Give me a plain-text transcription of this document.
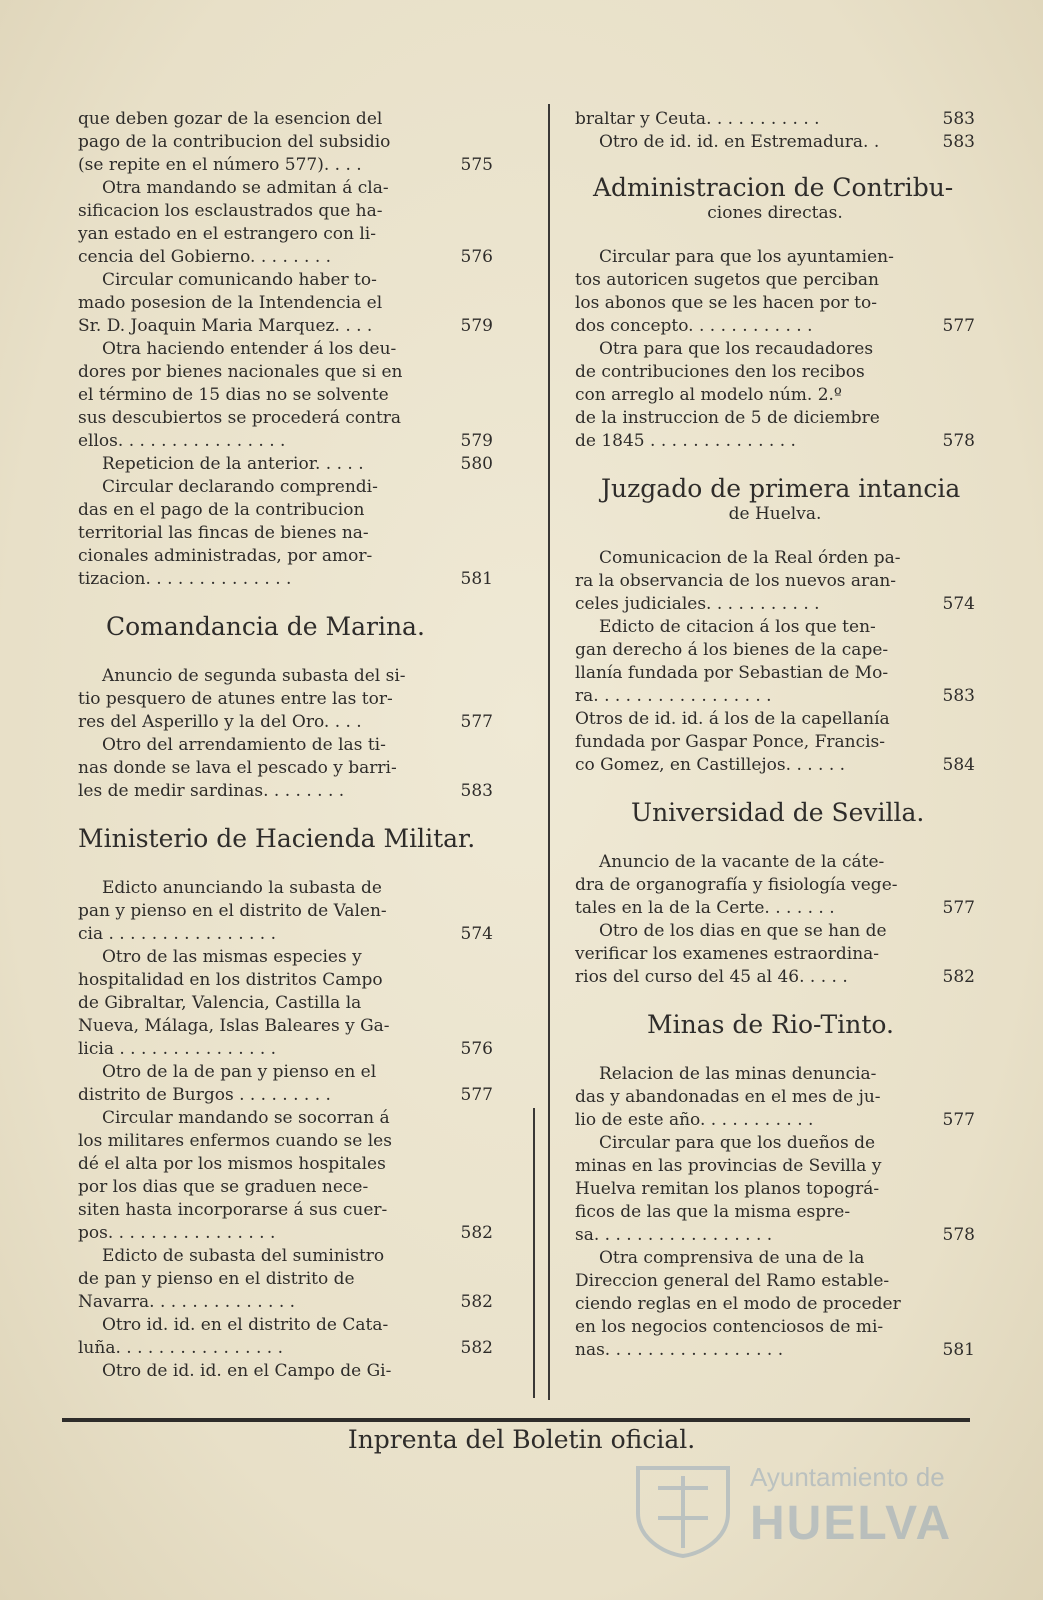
que deben gozar de la esencion del
pago de la contribucion del subsidio
(se repite en el número 577). . . .	575
Otra mandando se admitan á cla-
sificacion los esclaustrados que ha-
yan estado en el estrangero con li-
cencia del Gobierno. . . . . . . .	576
Circular comunicando haber to-
mado posesion de la Intendencia el
Sr. D. Joaquin Maria Marquez. . . .	579
Otra haciendo entender á los deu-
dores por bienes nacionales que si en
el término de 15 dias no se solvente
sus descubiertos se procederá contra
ellos. . . . . . . . . . . . . . . .	579
Repeticion de la anterior. . . . .	580
Circular declarando comprendi-
das en el pago de la contribucion
territorial las fincas de bienes na-
cionales administradas, por amor-
tizacion. . . . . . . . . . . . . .	581
Comandancia de Marina.
Anuncio de segunda subasta del si-
tio pesquero de atunes entre las tor-
res del Asperillo y la del Oro. . . .	577
Otro del arrendamiento de las ti-
nas donde se lava el pescado y barri-
les de medir sardinas. . . . . . . .	583
Ministerio de Hacienda Militar.
Edicto anunciando la subasta de
pan y pienso en el distrito de Valen-
cia . . . . . . . . . . . . . . . .	574
Otro de las mismas especies y
hospitalidad en los distritos Campo
de Gibraltar, Valencia, Castilla la
Nueva, Málaga, Islas Baleares y Ga-
licia . . . . . . . . . . . . . . .	576
Otro de la de pan y pienso en el
distrito de Burgos . . . . . . . . .	577
Circular mandando se socorran á
los militares enfermos cuando se les
dé el alta por los mismos hospitales
por los dias que se graduen nece-
siten hasta incorporarse á sus cuer-
pos. . . . . . . . . . . . . . . .	582
Edicto de subasta del suministro
de pan y pienso en el distrito de
Navarra. . . . . . . . . . . . . .	582
Otro id. id. en el distrito de Cata-
luña. . . . . . . . . . . . . . . .	582
Otro de id. id. en el Campo de Gi-
braltar y Ceuta. . . . . . . . . . .	583
Otro de id. id. en Estremadura. .	583
Administracion de Contribu-
ciones directas.
Circular para que los ayuntamien-
tos autoricen sugetos que perciban
los abonos que se les hacen por to-
dos concepto. . . . . . . . . . . .	577
Otra para que los recaudadores
de contribuciones den los recibos
con arreglo al modelo núm. 2.º
de la instruccion de 5 de diciembre
de 1845 . . . . . . . . . . . . . .	578
Juzgado de primera intancia
de Huelva.
Comunicacion de la Real órden pa-
ra la observancia de los nuevos aran-
celes judiciales. . . . . . . . . . .	574
Edicto de citacion á los que ten-
gan derecho á los bienes de la cape-
llanía fundada por Sebastian de Mo-
ra. . . . . . . . . . . . . . . . .	583
Otros de id. id. á los de la capellanía
fundada por Gaspar Ponce, Francis-
co Gomez, en Castillejos. . . . . .	584
Universidad de Sevilla.
Anuncio de la vacante de la cáte-
dra de organografía y fisiología vege-
tales en la de la Certe. . . . . . .	577
Otro de los dias en que se han de
verificar los examenes estraordina-
rios del curso del 45 al 46. . . . .	582
Minas de Rio-Tinto.
Relacion de las minas denuncia-
das y abandonadas en el mes de ju-
lio de este año. . . . . . . . . . .	577
Circular para que los dueños de
minas en las provincias de Sevilla y
Huelva remitan los planos topográ-
ficos de las que la misma espre-
sa. . . . . . . . . . . . . . . . .	578
Otra comprensiva de una de la
Direccion general del Ramo estable-
ciendo reglas en el modo de proceder
en los negocios contenciosos de mi-
nas. . . . . . . . . . . . . . . . .	581
Inprenta del Boletin oficial.
Ayuntamiento de
HUELVA
